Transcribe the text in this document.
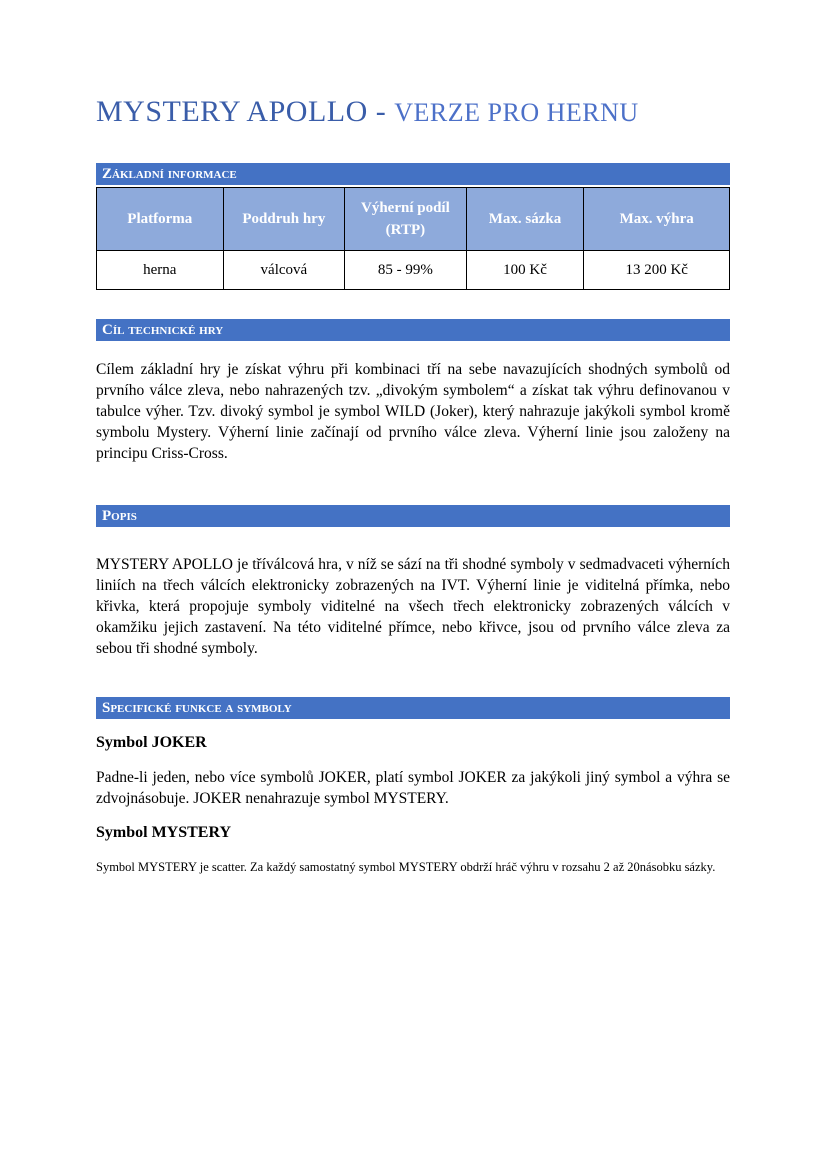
MYSTERY APOLLO - VERZE PRO HERNU
Základní informace
Platforma	Poddruh hry	Výherní podíl (RTP)	Max. sázka	Max. výhra
herna	válcová	85 - 99%	100 Kč	13 200 Kč
Cíl technické hry

Cílem základní hry je získat výhru při kombinaci tří na sebe navazujících shodných symbolů od prvního válce zleva, nebo nahrazených tzv. „divokým symbolem“ a získat tak výhru definovanou v tabulce výher. Tzv. divoký symbol je symbol WILD (Joker), který nahrazuje jakýkoli symbol kromě symbolu Mystery. Výherní linie začínají od prvního válce zleva. Výherní linie jsou založeny na principu Criss-Cross.

Popis

MYSTERY APOLLO je tříválcová hra, v níž se sází na tři shodné symboly v sedmadvaceti výherních liniích na třech válcích elektronicky zobrazených na IVT. Výherní linie je viditelná přímka, nebo křivka, která propojuje symboly viditelné na všech třech elektronicky zobrazených válcích v okamžiku jejich zastavení. Na této viditelné přímce, nebo křivce, jsou od prvního válce zleva za sebou tři shodné symboly.

Specifické funkce a symboly

Symbol JOKER

Padne-li jeden, nebo více symbolů JOKER, platí symbol JOKER za jakýkoli jiný symbol a výhra se zdvojnásobuje. JOKER nenahrazuje symbol MYSTERY.

Symbol MYSTERY

Symbol MYSTERY je scatter. Za každý samostatný symbol MYSTERY obdrží hráč výhru v rozsahu 2 až 20násobku sázky.
